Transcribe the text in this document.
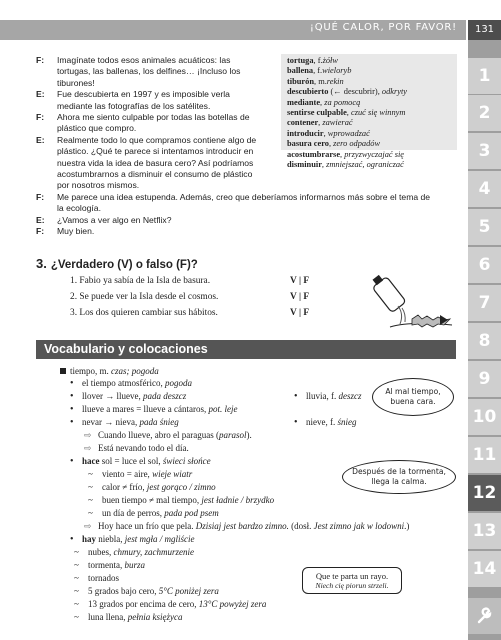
¡QUÉ CALOR, POR FAVOR!	131
1
2
3
4
5
6
7
8
9
10
11
12
13
14
tortuga, f.żółw
ballena, f.wieloryb
tiburón, m.rekin
descubierto (← descubrir), odkryty
mediante, za pomocą
sentirse culpable, czuć się winnym
contener, zawierać
introducir, wprowadzać
basura cero, zero odpadów
acostumbrarse, przyzwyczajać się
disminuir, zmniejszać, ograniczać
F: Imagínate todos esos animales acuáticos: las
tortugas, las ballenas, los delfines… ¡Incluso los
tiburones!
E: Fue descubierta en 1997 y es imposible verla
mediante las fotografías de los satélites.
F: Ahora me siento culpable por todas las botellas de
plástico que compro.
E: Realmente todo lo que compramos contiene algo de
plástico. ¿Qué te parece si intentamos introducir en
nuestra vida la idea de basura cero? Así podríamos
acostumbrarnos a disminuir el consumo de plástico
por nosotros mismos.
F: Me parece una idea estupenda. Además, creo que deberíamos informarnos más sobre el tema de
la ecología.
E: ¿Vamos a ver algo en Netflix?
F: Muy bien.
3. ¿Verdadero (V) o falso (F)?
1. Fabio ya sabía de la Isla de basura.	V | F
2. Se puede ver la Isla desde el cosmos.	V | F
3. Los dos quieren cambiar sus hábitos.	V | F
Vocabulario y colocaciones
tiempo, m. czas; pogoda
• el tiempo atmosférico, pogoda
• llover → llueve, pada deszcz	• lluvia, f. deszcz
• llueve a mares = llueve a cántaros, pot. leje
• nevar → nieva, pada śnieg	• nieve, f. śnieg
⇨ Cuando llueve, abro el paraguas (parasol).
⇨ Está nevando todo el día.
• hace sol = luce el sol, świeci słońce
~ viento = aire, wieje wiatr
~ calor ≠ frío, jest gorąco / zimno
~ buen tiempo ≠ mal tiempo, jest ładnie / brzydko
~ un día de perros, pada pod psem
⇨ Hoy hace un frío que pela. Dzisiaj jest bardzo zimno. (dosł. Jest zimno jak w lodowni.)
• hay niebla, jest mgła / mgliście
~ nubes, chmury, zachmurzenie
~ tormenta, burza
~ tornados
~ 5 grados bajo cero, 5°C poniżej zera
~ 13 grados por encima de cero, 13°C powyżej zera
~ luna llena, pełnia księżyca
Al mal tiempo,
buena cara.
Después de la tormenta,
llega la calma.
Que te parta un rayo.
Niech cię piorun strzeli.
